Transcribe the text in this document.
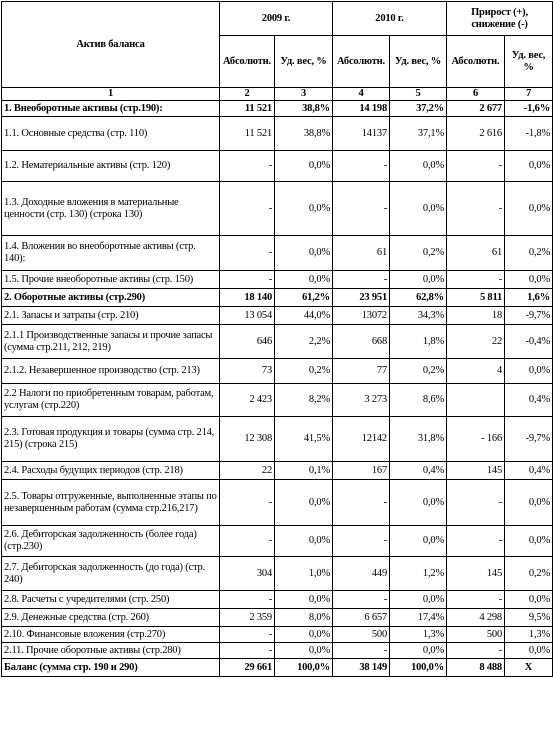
Актив баланса	2009 г.		2010 г.		Прирост (+), снижение (-)	
	Абсолютн.	Уд. вес, %	Абсолютн.	Уд. вес, %	Абсолютн.	Уд. вес, %
1	2	3	4	5	6	7
1. Внеоборотные активы (стр.190):	11 521	38,8%	14 198	37,2%	2 677	-1,6%
1.1. Основные средства (стр. 110)	11 521	38,8%	14137	37,1%	2 616	-1,8%
1.2. Нематериальные активы (стр. 120)	-	0,0%	-	0,0%	-	0,0%
1.3. Доходные вложения в материальные ценности (стр. 130) (строка 130)	-	0,0%	-	0,0%	-	0,0%
1.4. Вложения во внеоборотные активы (стр. 140):	-	0,0%	61	0,2%	61	0,2%
1.5. Прочие внеоборотные активы (стр. 150)	-	0,0%	-	0,0%	-	0,0%
2. Оборотные активы (стр.290)	18 140	61,2%	23 951	62,8%	5 811	1,6%
2.1. Запасы и затраты (стр. 210)	13 054	44,0%	13072	34,3%	18	-9,7%
2.1.1 Производственные запасы и прочие запасы (сумма стр.211, 212, 219)	646	2,2%	668	1,8%	22	-0,4%
2.1.2. Незавершенное производство (стр. 213)	73	0,2%	77	0,2%	4	0,0%
2.2 Налоги по приобретенным товарам, работам, услугам (стр.220)	2 423	8,2%	3 273	8,6%		0,4%
2.3. Готовая продукция и товары (сумма стр. 214, 215) (строка 215)	12 308	41,5%	12142	31,8%	- 166	-9,7%
2.4. Расходы будущих периодов (стр. 218)	22	0,1%	167	0,4%	145	0,4%
2.5. Товары отгруженные, выполненные этапы по незавершенным работам (сумма стр.216,217)	-	0,0%	-	0,0%	-	0,0%
2.6. Дебиторская задолженность (более года) (стр.230)	-	0,0%	-	0,0%	-	0,0%
2.7. Дебиторская задолженность (до года) (стр. 240)	304	1,0%	449	1,2%	145	0,2%
2.8. Расчеты с учредителями (стр. 250)	-	0,0%	-	0,0%	-	0,0%
2.9. Денежные средства (стр. 260)	2 359	8,0%	6 657	17,4%	4 298	9,5%
2.10. Финансовые вложения (стр.270)	-	0,0%	500	1,3%	500	1,3%
2.11. Прочие оборотные активы (стр.280)	-	0,0%	-	0,0%	-	0,0%
Баланс (сумма стр. 190 и 290)	29 661	100,0%	38 149	100,0%	8 488	Х
